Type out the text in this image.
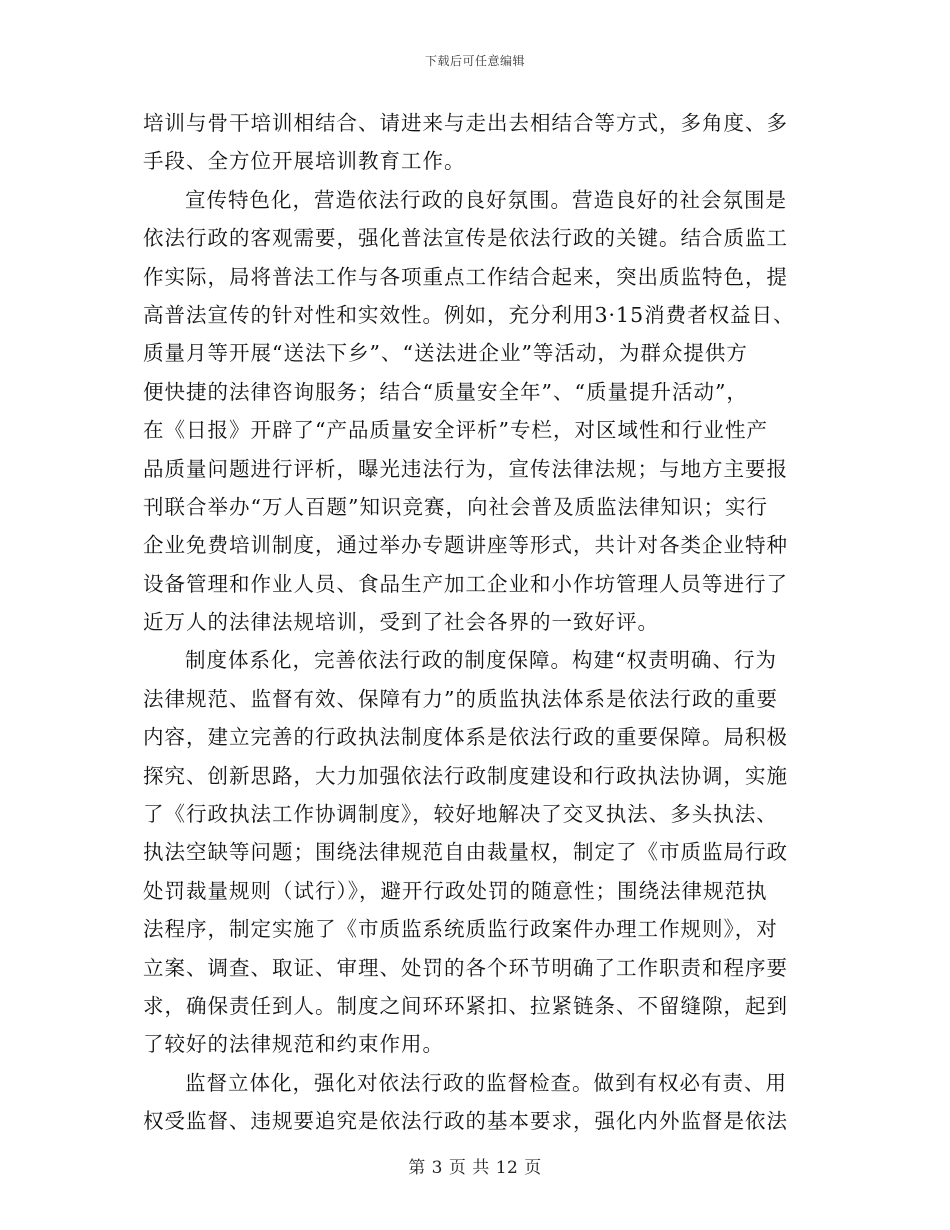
下载后可任意编辑
培训与骨干培训相结合、请进来与走出去相结合等方式，多角度、多
手段、全方位开展培训教育工作。
宣传特色化，营造依法行政的良好氛围。营造良好的社会氛围是
依法行政的客观需要，强化普法宣传是依法行政的关键。结合质监工
作实际，局将普法工作与各项重点工作结合起来，突出质监特色，提
高普法宣传的针对性和实效性。例如，充分利用3·15消费者权益日、
质量月等开展“送法下乡”、“送法进企业”等活动，为群众提供方
便快捷的法律咨询服务；结合“质量安全年”、“质量提升活动”，
在《日报》开辟了“产品质量安全评析”专栏，对区域性和行业性产
品质量问题进行评析，曝光违法行为，宣传法律法规；与地方主要报
刊联合举办“万人百题”知识竞赛，向社会普及质监法律知识；实行
企业免费培训制度，通过举办专题讲座等形式，共计对各类企业特种
设备管理和作业人员、食品生产加工企业和小作坊管理人员等进行了
近万人的法律法规培训，受到了社会各界的一致好评。
制度体系化，完善依法行政的制度保障。构建“权责明确、行为
法律规范、监督有效、保障有力”的质监执法体系是依法行政的重要
内容，建立完善的行政执法制度体系是依法行政的重要保障。局积极
探究、创新思路，大力加强依法行政制度建设和行政执法协调，实施
了《行政执法工作协调制度》，较好地解决了交叉执法、多头执法、
执法空缺等问题；围绕法律规范自由裁量权，制定了《市质监局行政
处罚裁量规则（试行）》，避开行政处罚的随意性；围绕法律规范执
法程序，制定实施了《市质监系统质监行政案件办理工作规则》，对
立案、调查、取证、审理、处罚的各个环节明确了工作职责和程序要
求，确保责任到人。制度之间环环紧扣、拉紧链条、不留缝隙，起到
了较好的法律规范和约束作用。
监督立体化，强化对依法行政的监督检查。做到有权必有责、用
权受监督、违规要追究是依法行政的基本要求，强化内外监督是依法
第 3 页 共 12 页
